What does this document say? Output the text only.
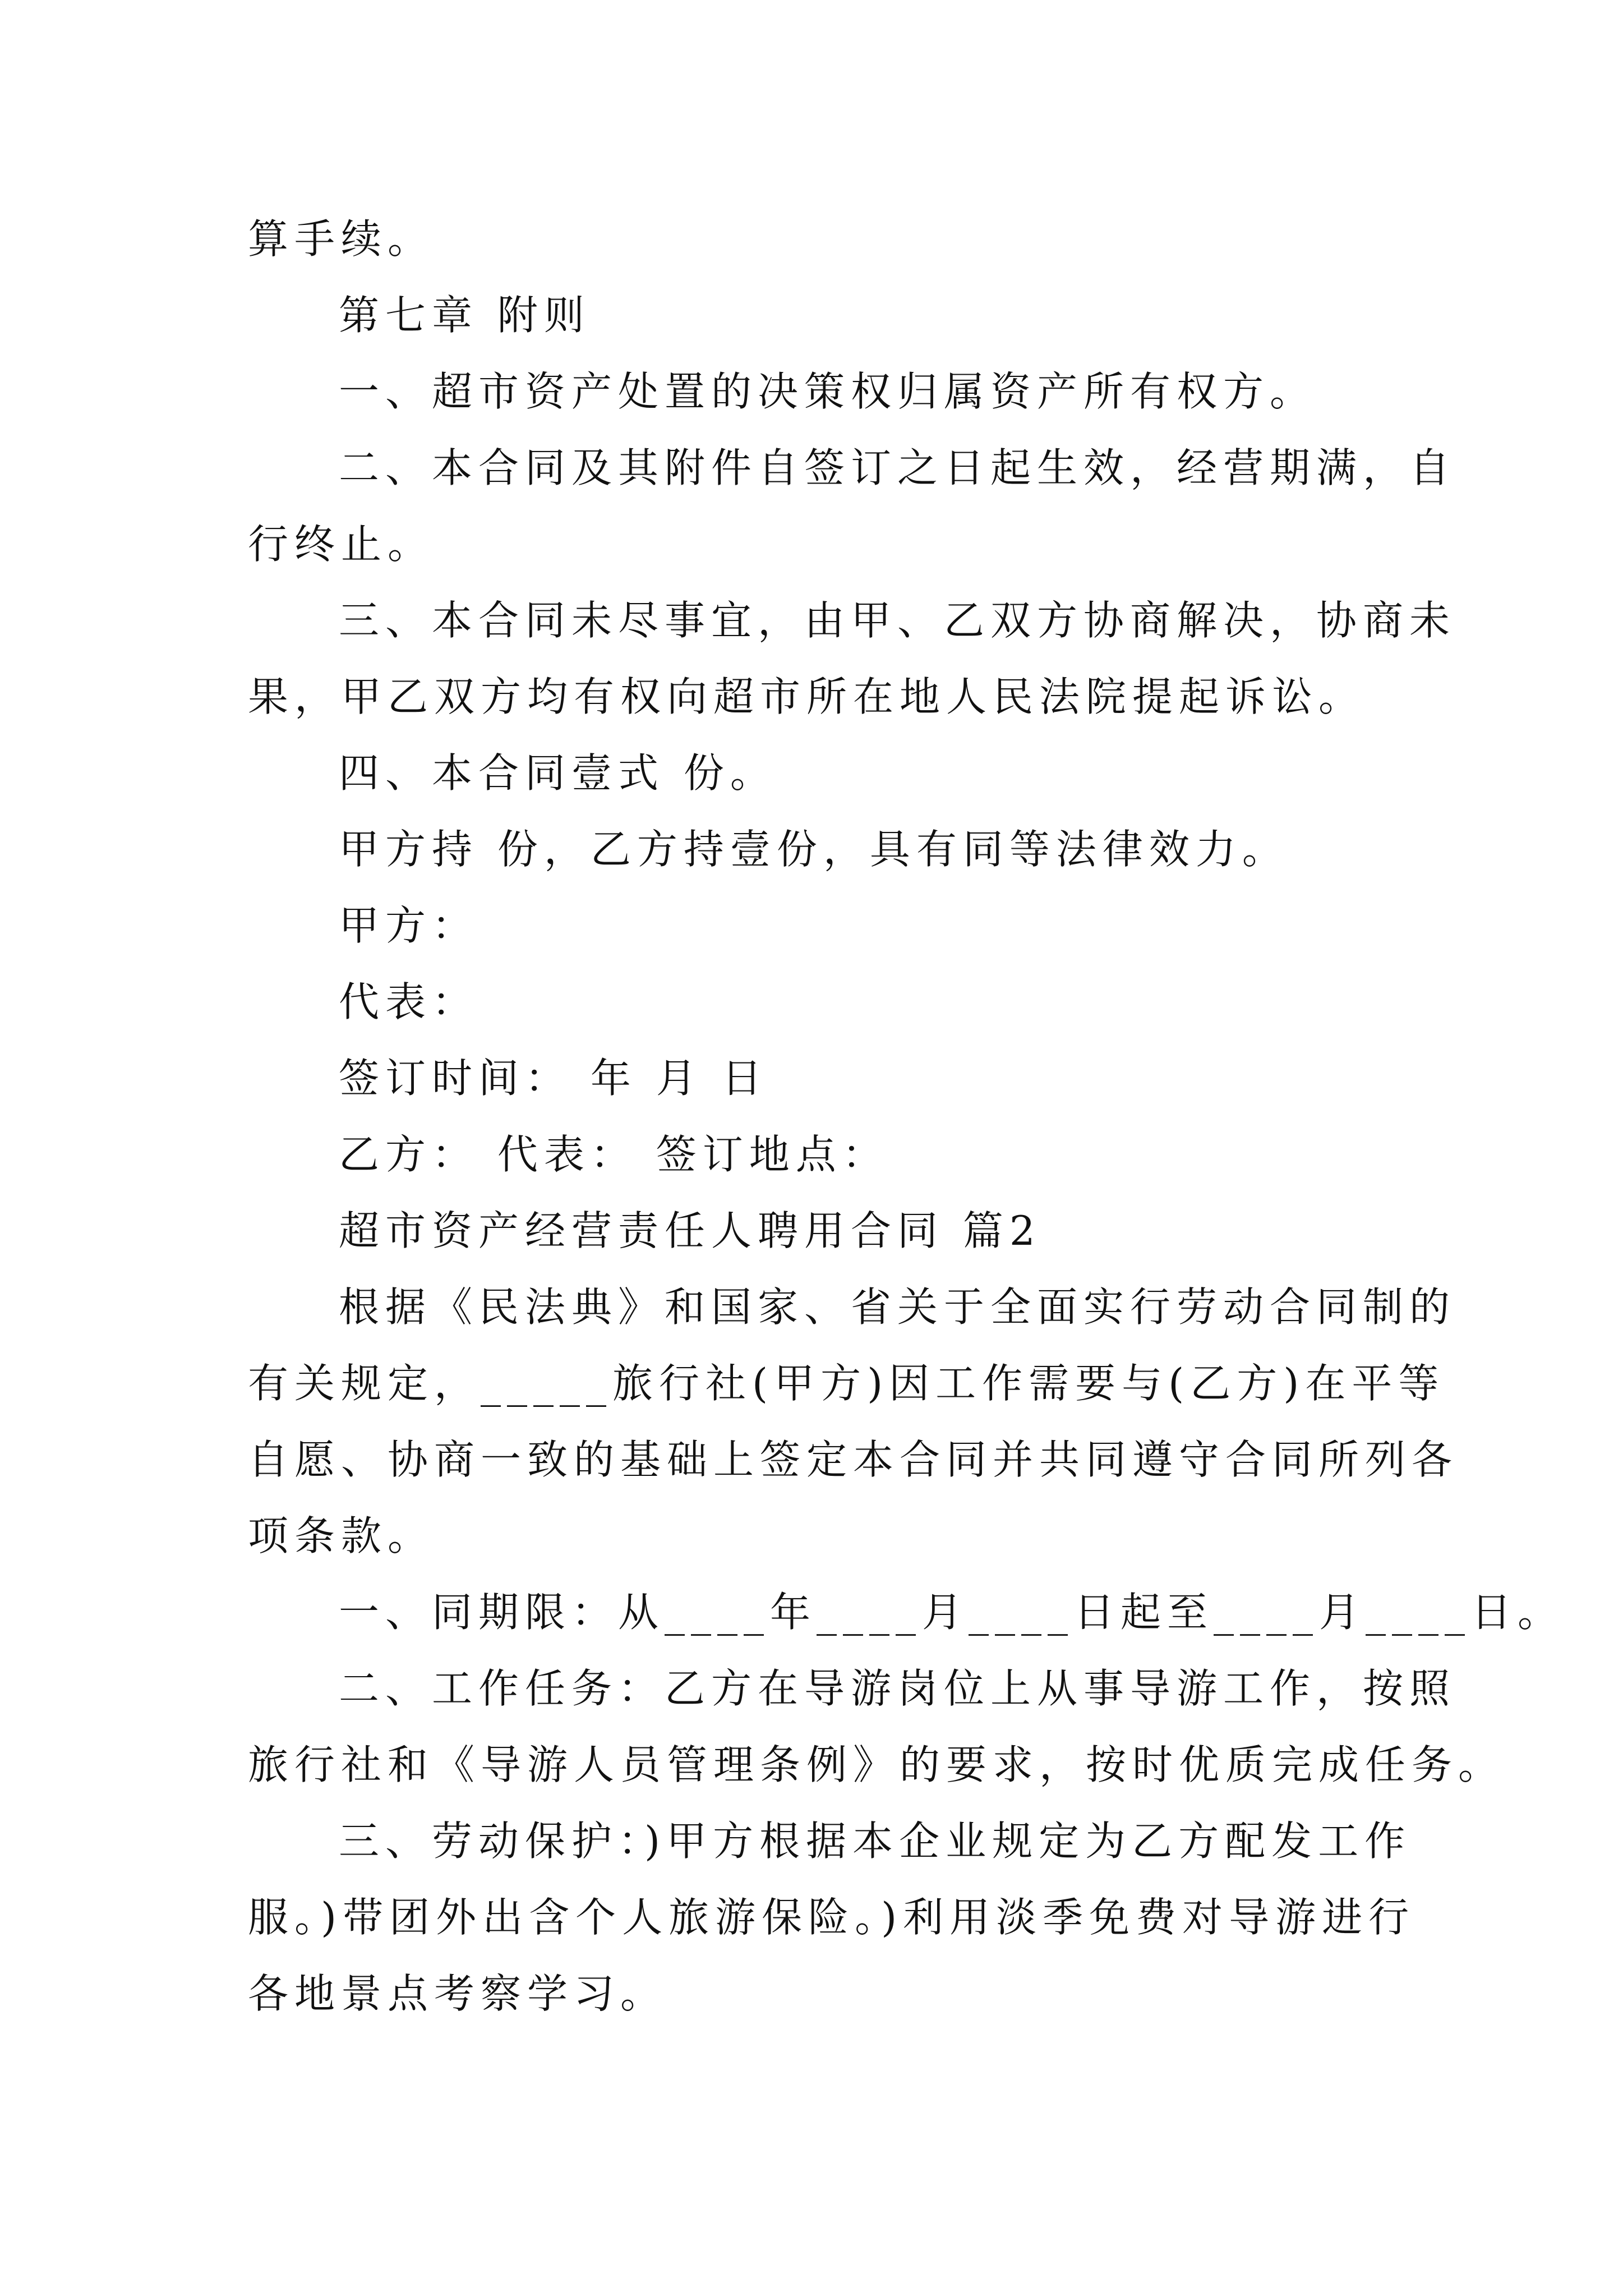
算手续。
第七章 附则
一、超市资产处置的决策权归属资产所有权方。
二、本合同及其附件自签订之日起生效，经营期满，自
行终止。
三、本合同未尽事宜，由甲、乙双方协商解决，协商未
果，甲乙双方均有权向超市所在地人民法院提起诉讼。
四、本合同壹式 份。
甲方持 份，乙方持壹份，具有同等法律效力。
甲方：
代表：
签订时间： 年 月 日
乙方： 代表： 签订地点：
超市资产经营责任人聘用合同 篇2
根据《民法典》和国家、省关于全面实行劳动合同制的
有关规定，_____旅行社(甲方)因工作需要与(乙方)在平等
自愿、协商一致的基础上签定本合同并共同遵守合同所列各
项条款。
一、同期限：从____年____月____日起至____月____日。
二、工作任务：乙方在导游岗位上从事导游工作，按照
旅行社和《导游人员管理条例》的要求，按时优质完成任务。
三、劳动保护：)甲方根据本企业规定为乙方配发工作
服。)带团外出含个人旅游保险。)利用淡季免费对导游进行
各地景点考察学习。
